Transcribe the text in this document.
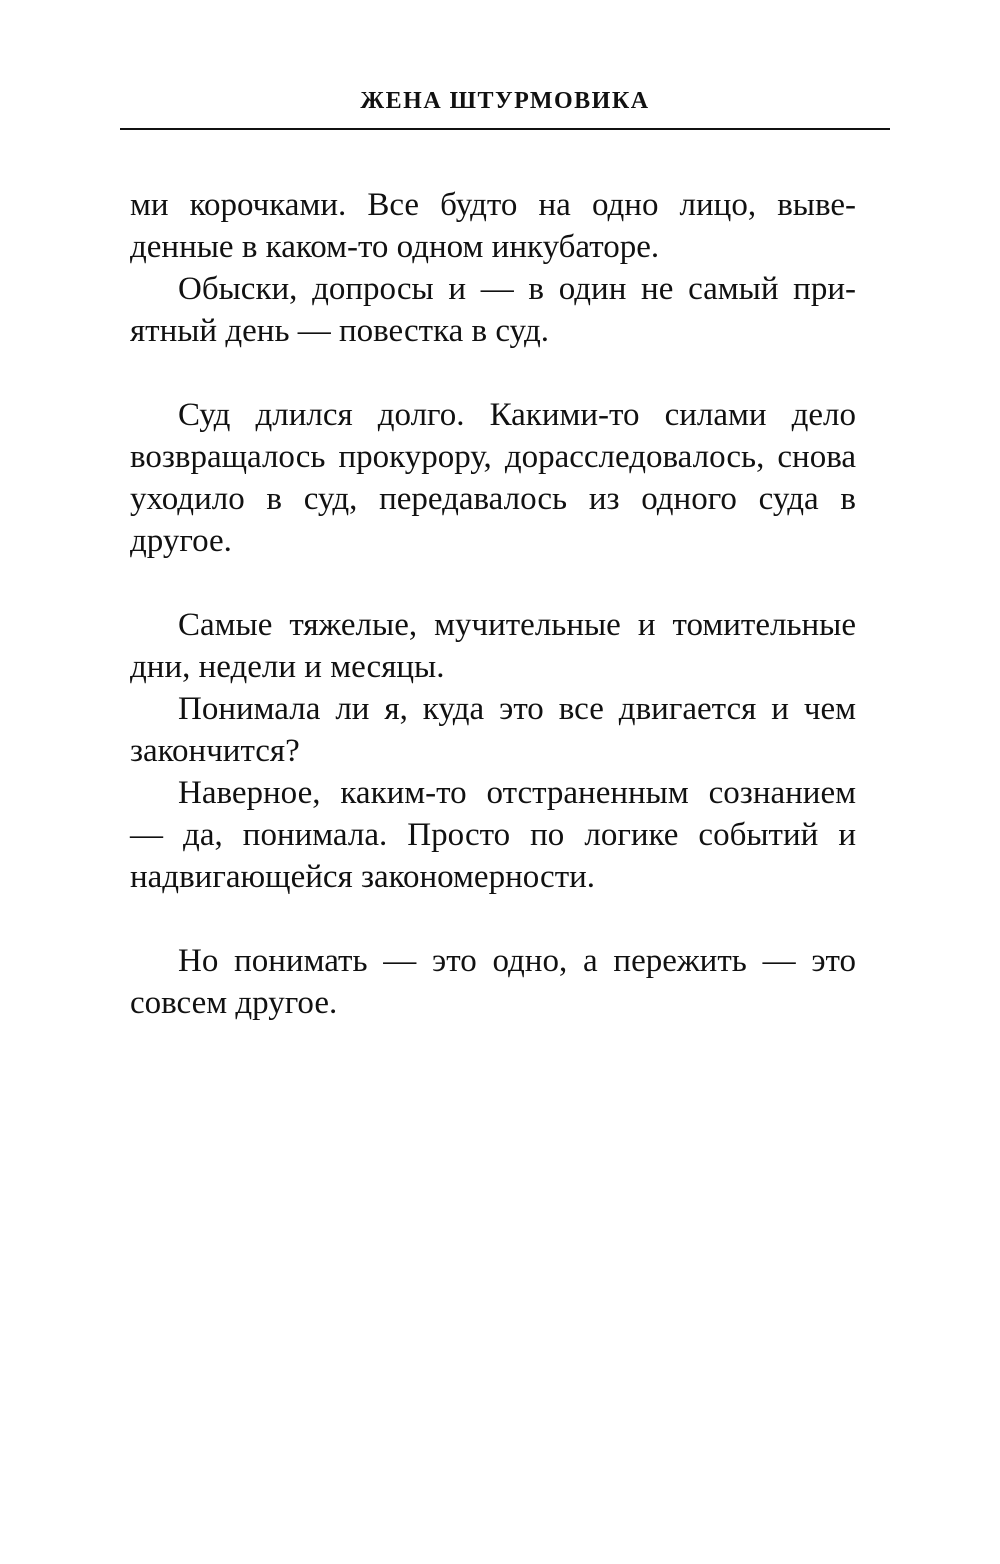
ЖЕНА ШТУРМОВИКА

ми корочками. Все будто на одно лицо, выведенные в каком-то одном инкубаторе.

Обыски, допросы и — в один не самый приятный день — повестка в суд.

Суд длился долго. Какими-то силами дело возвращалось прокурору, дорасследовалось, снова уходило в суд, передавалось из одного суда в другое.

Самые тяжелые, мучительные и томительные дни, недели и месяцы.

Понимала ли я, куда это все двигается и чем закончится?

Наверное, каким-то отстраненным сознанием — да, понимала. Просто по логике событий и надвигающейся закономерности.

Но понимать — это одно, а пережить — это совсем другое.
